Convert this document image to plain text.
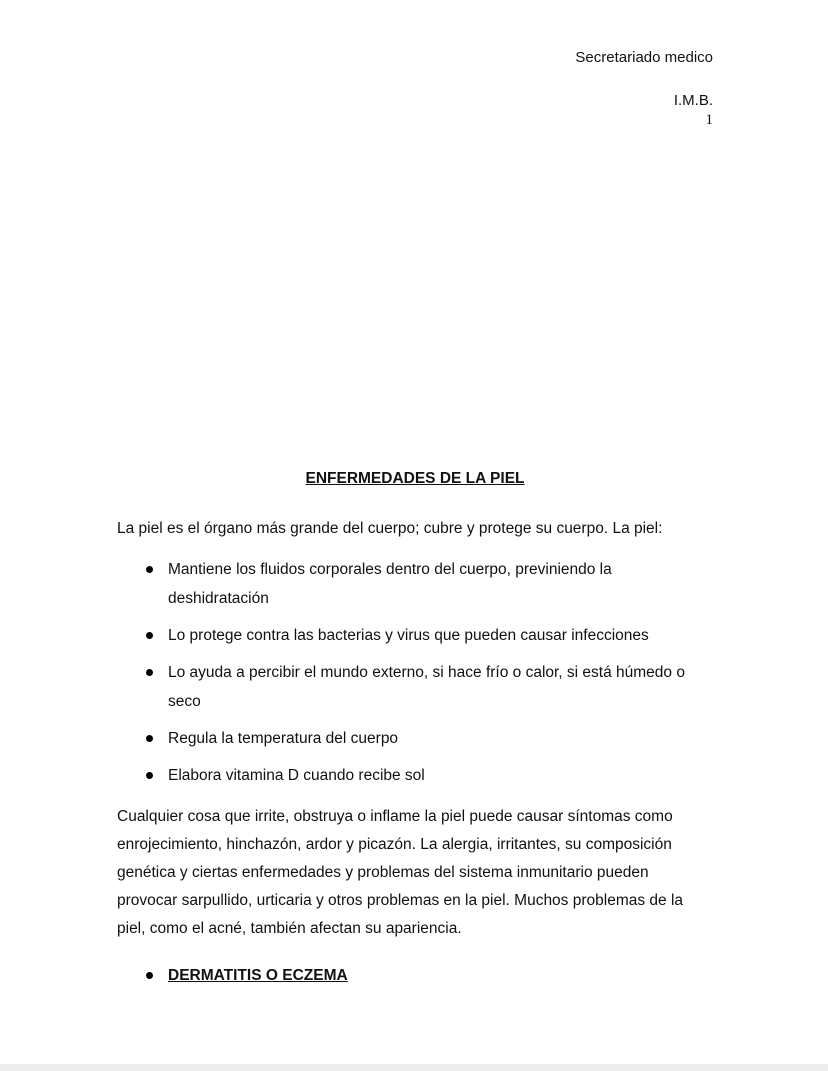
Secretariado medico
I.M.B.
1
ENFERMEDADES DE LA PIEL
La piel es el órgano más grande del cuerpo; cubre y protege su cuerpo. La piel:
Mantiene los fluidos corporales dentro del cuerpo, previniendo la deshidratación
Lo protege contra las bacterias y virus que pueden causar infecciones
Lo ayuda a percibir el mundo externo, si hace frío o calor, si está húmedo o seco
Regula la temperatura del cuerpo
Elabora vitamina D cuando recibe sol
Cualquier cosa que irrite, obstruya o inflame la piel puede causar síntomas como enrojecimiento, hinchazón, ardor y picazón. La alergia, irritantes, su composición genética y ciertas enfermedades y problemas del sistema inmunitario pueden provocar sarpullido, urticaria y otros problemas en la piel. Muchos problemas de la piel, como el acné, también afectan su apariencia.
DERMATITIS O ECZEMA
